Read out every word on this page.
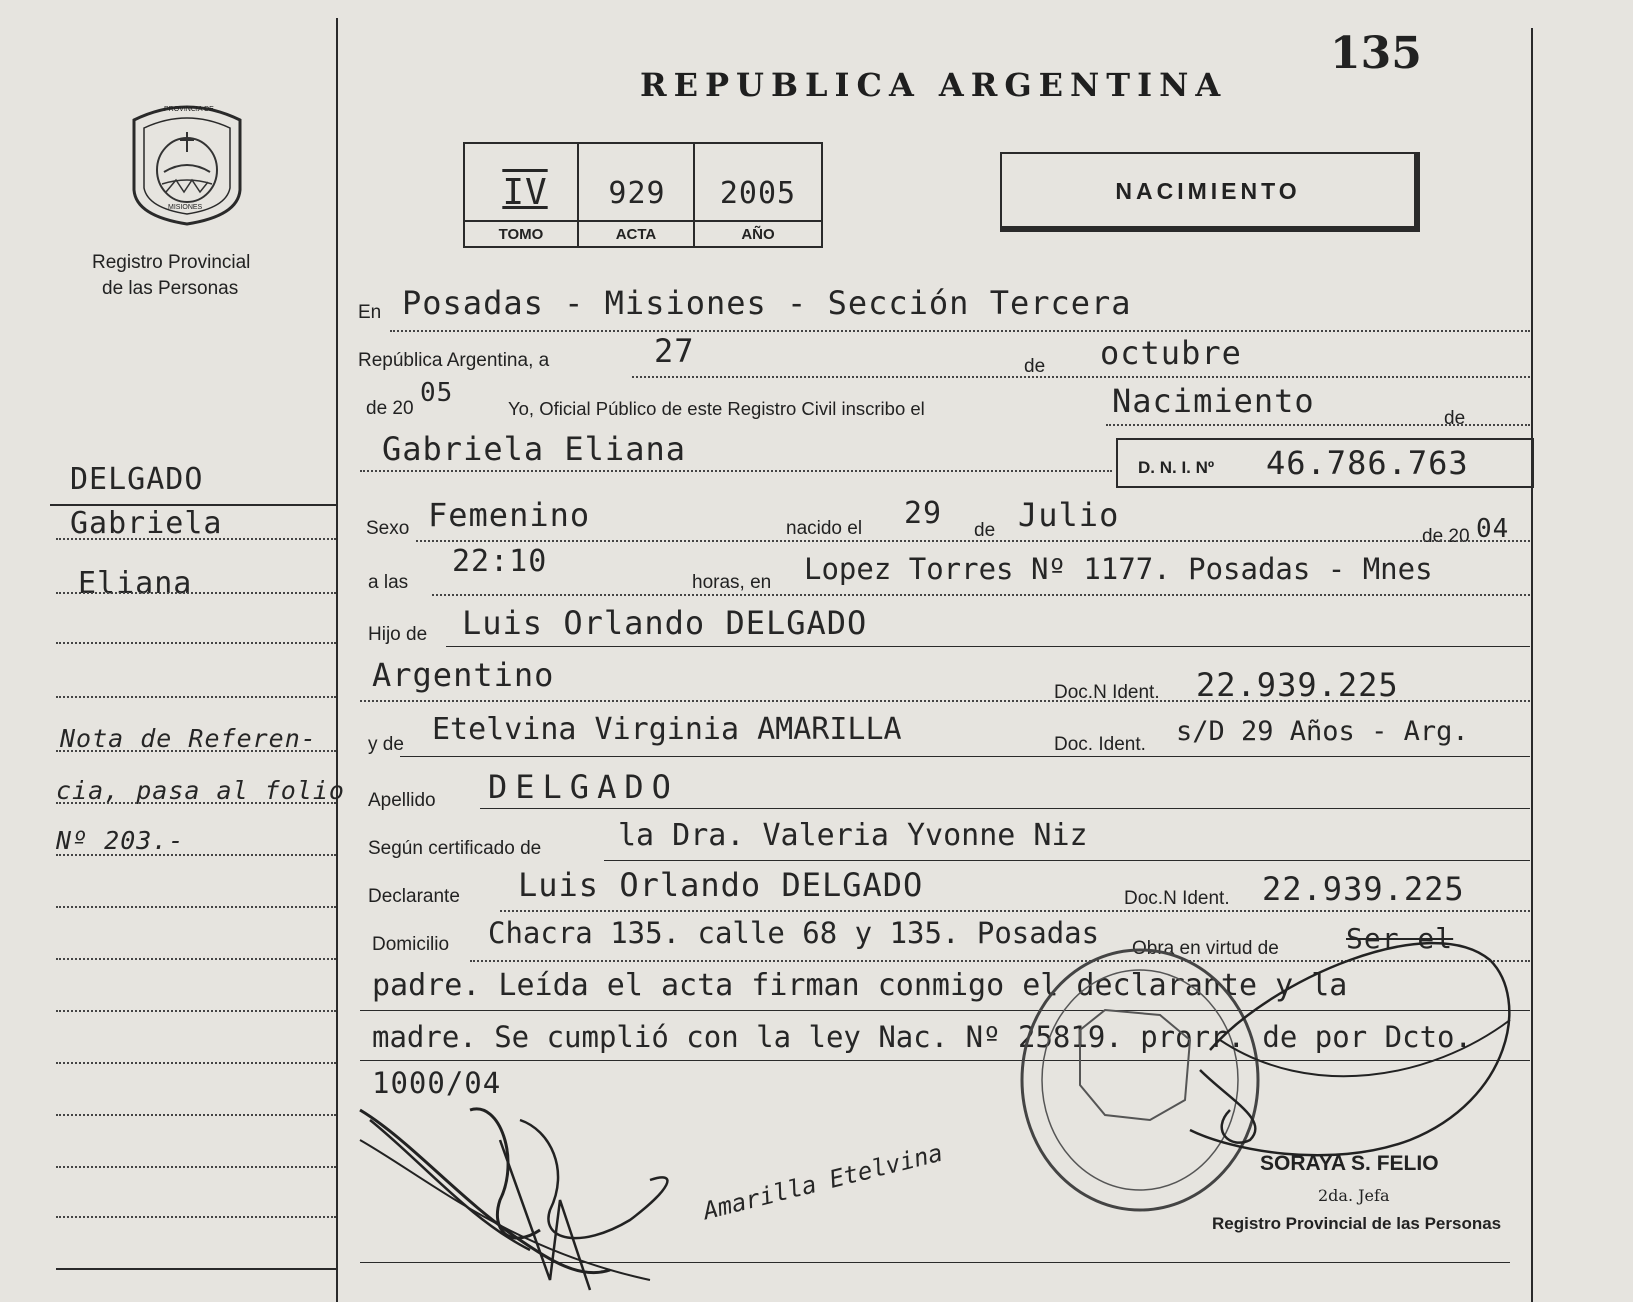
135
REPUBLICA ARGENTINA
PROVINCIA DE
MISIONES
Registro Provincial
de las Personas
IV	929	2005
TOMO	ACTA	AÑO
NACIMIENTO
DELGADO
Gabriela
Eliana
Nota de Referen-
cia, pasa al folio
Nº 203.-
En Posadas - Misiones - Sección Tercera
República Argentina, a	27	de octubre
de 20
05
Yo, Oficial Público de este Registro Civil inscribo el	Nacimiento	de
Gabriela Eliana	D. N. I. Nº 46.786.763
Sexo Femenino	nacido el 29 de Julio
de 20 04
a las
22:10
horas, en Lopez Torres Nº 1177. Posadas - Mnes
Hijo de Luis Orlando DELGADO
Argentino	Doc.N Ident. 22.939.225
y de Etelvina Virginia AMARILLA	Doc. Ident. s/D 29 Años - Arg.
Apellido DELGADO
Según certificado de	la Dra. Valeria Yvonne Niz
Declarante Luis Orlando DELGADO	Doc.N Ident. 22.939.225
Domicilio Chacra 135. calle 68 y 135. Posadas Obra en virtud de Ser el
padre. Leída el acta firman conmigo el declarante y la
madre. Se cumplió con la ley Nac. Nº 25819. prorr. de por Dcto.
1000/04
Amarilla Etelvina	SORAYA S. FELIO
2da. Jefa
Registro Provincial de las Personas
